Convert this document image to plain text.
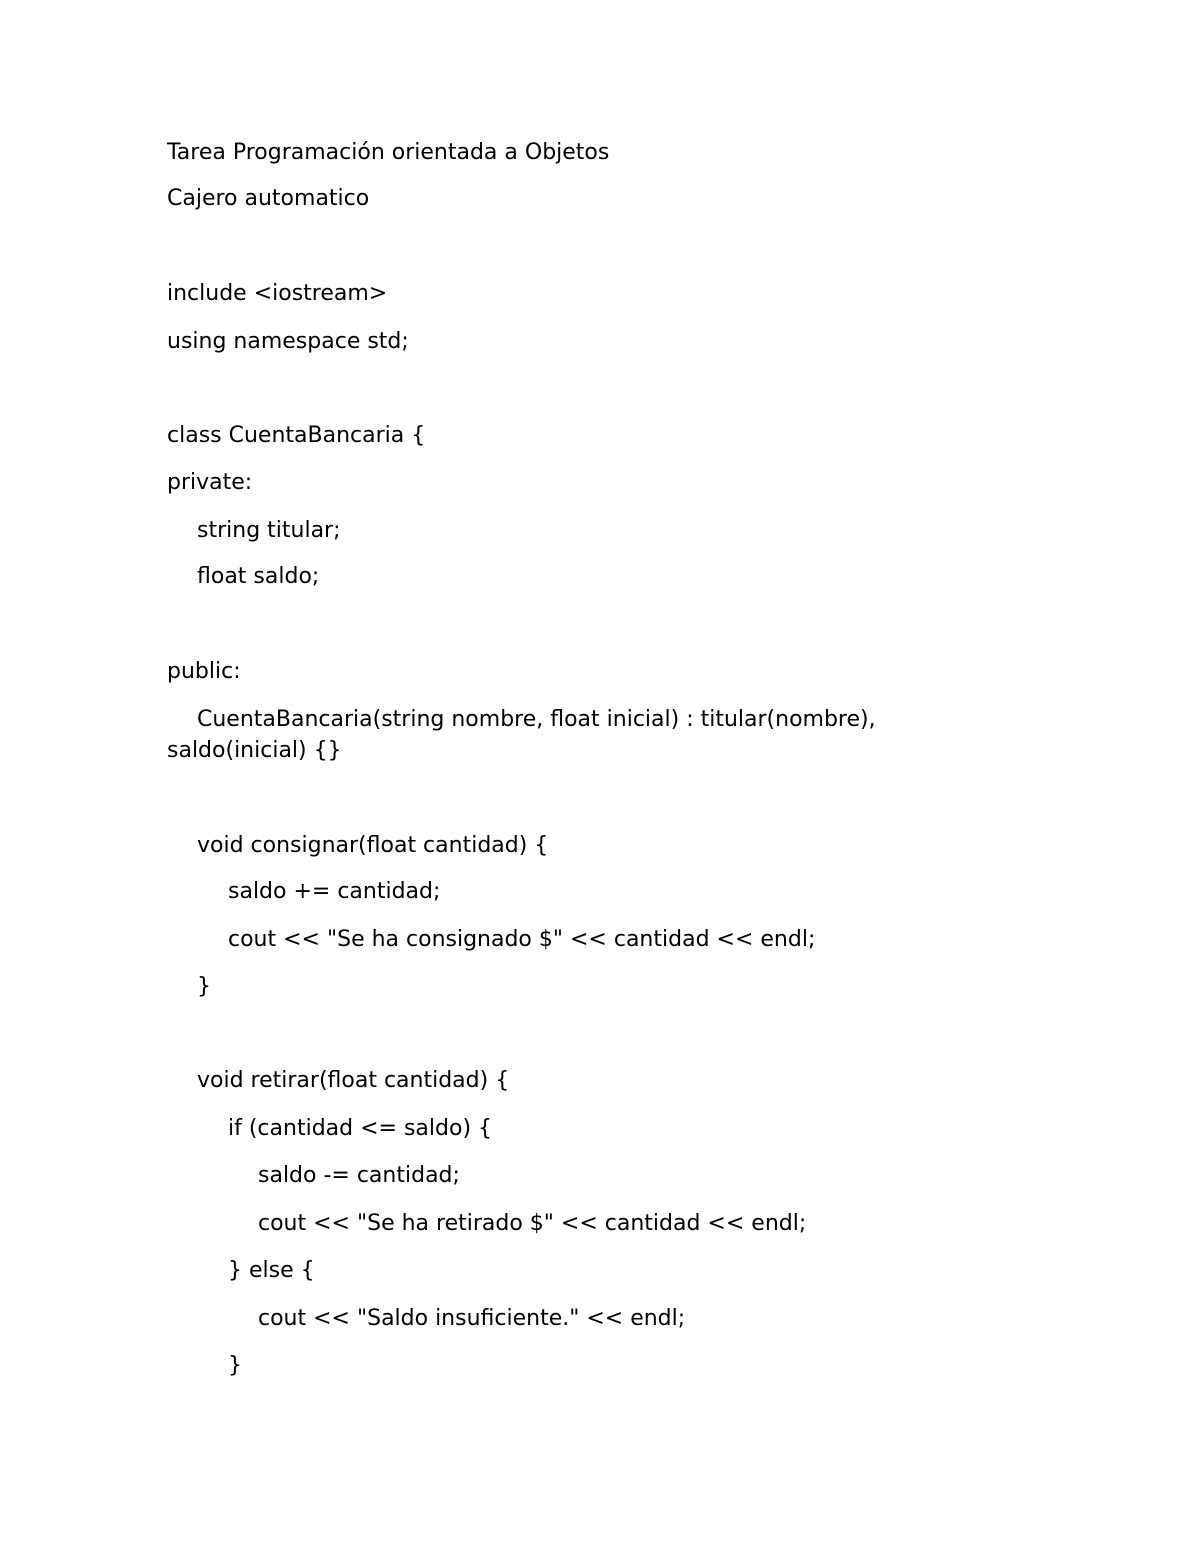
Tarea Programación orientada a Objetos

Cajero automatico

include <iostream>

using namespace std;

class CuentaBancaria {

private:

string titular;

float saldo;

public:

CuentaBancaria(string nombre, float inicial) : titular(nombre),

saldo(inicial) {}

void consignar(float cantidad) {

saldo += cantidad;

cout << "Se ha consignado $" << cantidad << endl;

}

void retirar(float cantidad) {

if (cantidad <= saldo) {

saldo -= cantidad;

cout << "Se ha retirado $" << cantidad << endl;

} else {

cout << "Saldo insuficiente." << endl;

}
